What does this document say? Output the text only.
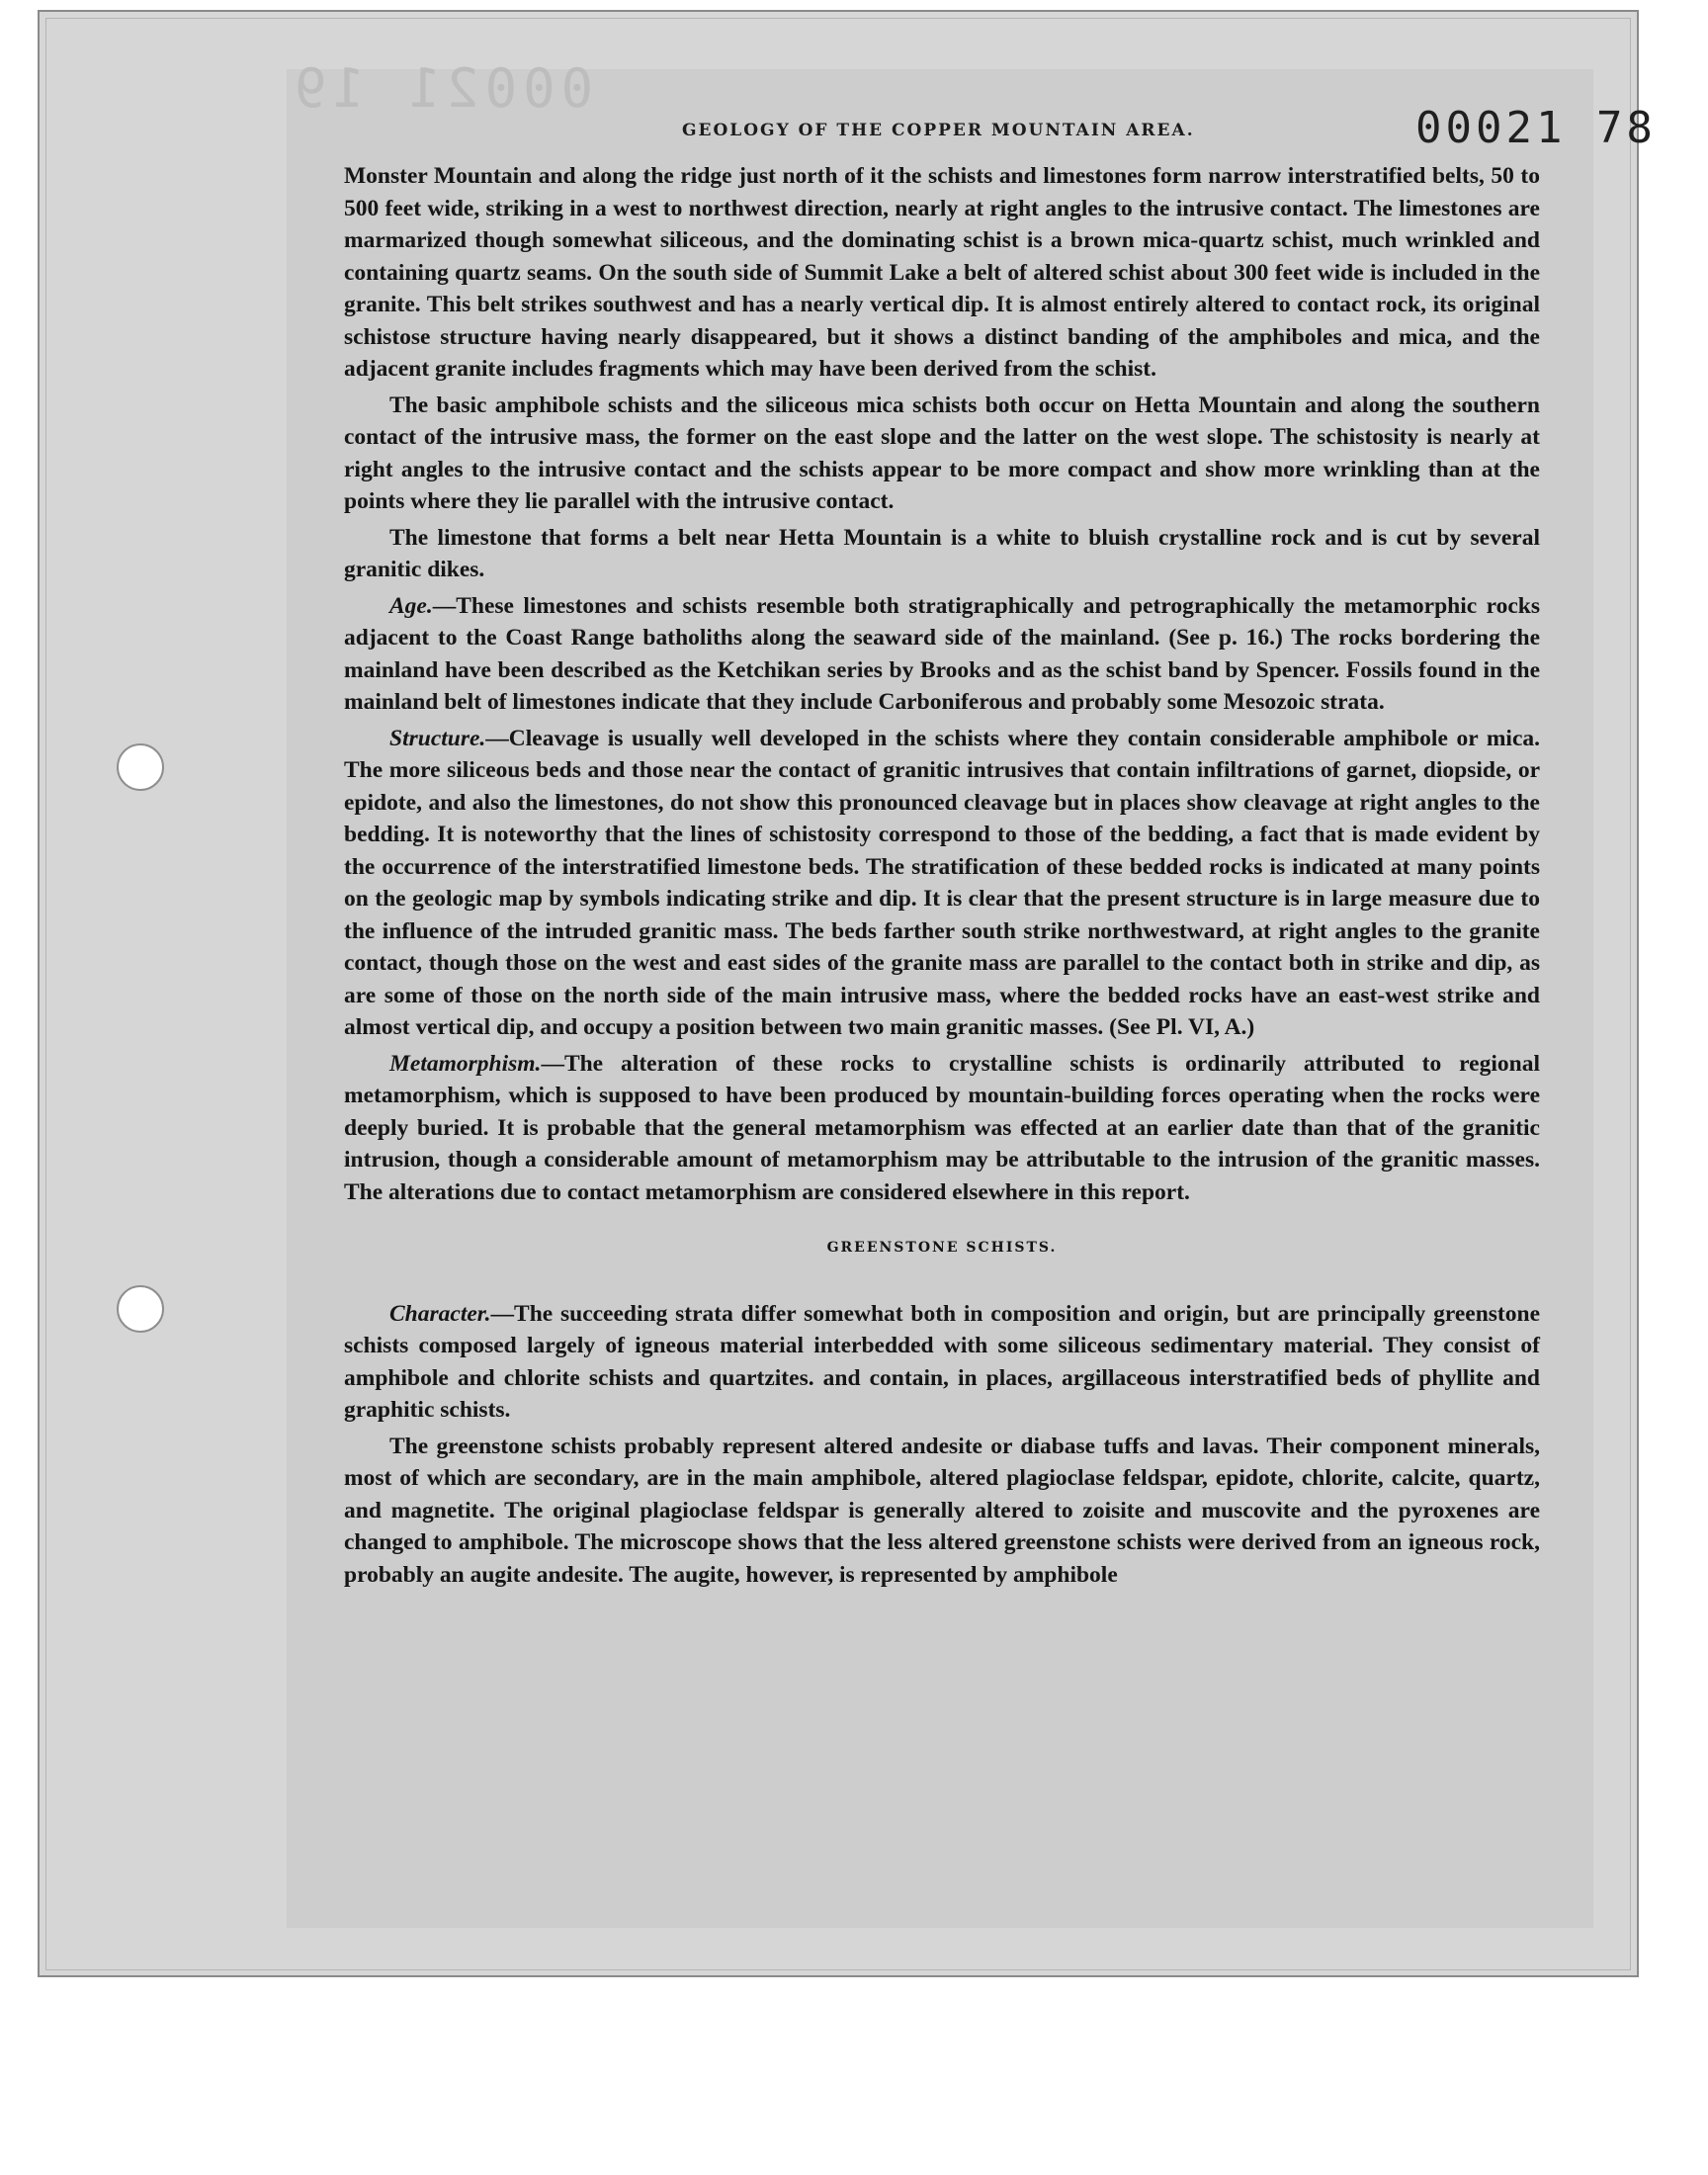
00021 19
GEOLOGY OF THE COPPER MOUNTAIN AREA.	00021 78

Monster Mountain and along the ridge just north of it the schists and limestones form narrow interstratified belts, 50 to 500 feet wide, striking in a west to northwest direction, nearly at right angles to the intrusive contact. The limestones are marmarized though somewhat siliceous, and the dominating schist is a brown mica-quartz schist, much wrinkled and containing quartz seams. On the south side of Summit Lake a belt of altered schist about 300 feet wide is included in the granite. This belt strikes southwest and has a nearly vertical dip. It is almost entirely altered to contact rock, its original schistose structure having nearly disappeared, but it shows a distinct banding of the amphiboles and mica, and the adjacent granite includes fragments which may have been derived from the schist.

The basic amphibole schists and the siliceous mica schists both occur on Hetta Mountain and along the southern contact of the intrusive mass, the former on the east slope and the latter on the west slope. The schistosity is nearly at right angles to the intrusive contact and the schists appear to be more compact and show more wrinkling than at the points where they lie parallel with the intrusive contact.

The limestone that forms a belt near Hetta Mountain is a white to bluish crystalline rock and is cut by several granitic dikes.

Age.—These limestones and schists resemble both stratigraphically and petrographically the metamorphic rocks adjacent to the Coast Range batholiths along the seaward side of the mainland. (See p. 16.) The rocks bordering the mainland have been described as the Ketchikan series by Brooks and as the schist band by Spencer. Fossils found in the mainland belt of limestones indicate that they include Carboniferous and probably some Mesozoic strata.

Structure.—Cleavage is usually well developed in the schists where they contain considerable amphibole or mica. The more siliceous beds and those near the contact of granitic intrusives that contain infiltrations of garnet, diopside, or epidote, and also the limestones, do not show this pronounced cleavage but in places show cleavage at right angles to the bedding. It is noteworthy that the lines of schistosity correspond to those of the bedding, a fact that is made evident by the occurrence of the interstratified limestone beds. The stratification of these bedded rocks is indicated at many points on the geologic map by symbols indicating strike and dip. It is clear that the present structure is in large measure due to the influence of the intruded granitic mass. The beds farther south strike northwestward, at right angles to the granite contact, though those on the west and east sides of the granite mass are parallel to the contact both in strike and dip, as are some of those on the north side of the main intrusive mass, where the bedded rocks have an east-west strike and almost vertical dip, and occupy a position between two main granitic masses. (See Pl. VI, A.)

Metamorphism.—The alteration of these rocks to crystalline schists is ordinarily attributed to regional metamorphism, which is supposed to have been produced by mountain-building forces operating when the rocks were deeply buried. It is probable that the general metamorphism was effected at an earlier date than that of the granitic intrusion, though a considerable amount of metamorphism may be attributable to the intrusion of the granitic masses. The alterations due to contact metamorphism are considered elsewhere in this report.

GREENSTONE SCHISTS.

Character.—The succeeding strata differ somewhat both in composition and origin, but are principally greenstone schists composed largely of igneous material interbedded with some siliceous sedimentary material. They consist of amphibole and chlorite schists and quartzites. and contain, in places, argillaceous interstratified beds of phyllite and graphitic schists.

The greenstone schists probably represent altered andesite or diabase tuffs and lavas. Their component minerals, most of which are secondary, are in the main amphibole, altered plagioclase feldspar, epidote, chlorite, calcite, quartz, and magnetite. The original plagioclase feldspar is generally altered to zoisite and muscovite and the pyroxenes are changed to amphibole. The microscope shows that the less altered greenstone schists were derived from an igneous rock, probably an augite andesite. The augite, however, is represented by amphibole
